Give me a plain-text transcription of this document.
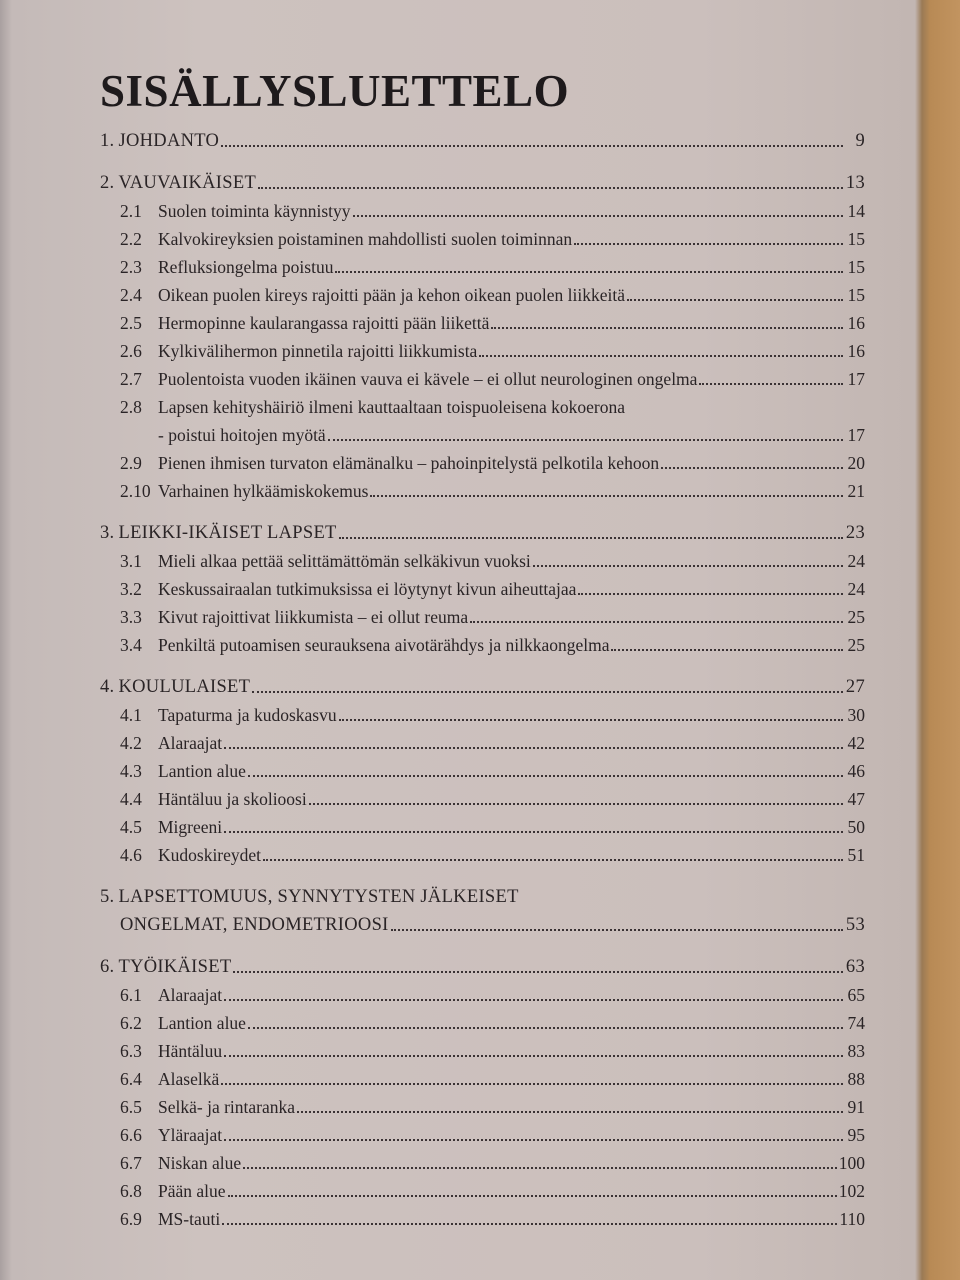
SISÄLLYSLUETTELO
1. JOHDANTO	9
2. VAUVAIKÄISET	13
2.1 Suolen toiminta käynnistyy	14
2.2 Kalvokireyksien poistaminen mahdollisti suolen toiminnan	15
2.3 Refluksiongelma poistuu	15
2.4 Oikean puolen kireys rajoitti pään ja kehon oikean puolen liikkeitä	15
2.5 Hermopinne kaularangassa rajoitti pään liikettä	16
2.6 Kylkivälihermon pinnetila rajoitti liikkumista	16
2.7 Puolentoista vuoden ikäinen vauva ei kävele – ei ollut neurologinen ongelma	17
2.8 Lapsen kehityshäiriö ilmeni kauttaaltaan toispuoleisena kokoerona
- poistui hoitojen myötä	17
2.9 Pienen ihmisen turvaton elämänalku – pahoinpitelystä pelkotila kehoon	20
2.10 Varhainen hylkäämiskokemus	21
3. LEIKKI-IKÄISET LAPSET	23
3.1 Mieli alkaa pettää selittämättömän selkäkivun vuoksi	24
3.2 Keskussairaalan tutkimuksissa ei löytynyt kivun aiheuttajaa	24
3.3 Kivut rajoittivat liikkumista – ei ollut reuma	25
3.4 Penkiltä putoamisen seurauksena aivotärähdys ja nilkkaongelma	25
4. KOULULAISET	27
4.1 Tapaturma ja kudoskasvu	30
4.2 Alaraajat	42
4.3 Lantion alue	46
4.4 Häntäluu ja skolioosi	47
4.5 Migreeni	50
4.6 Kudoskireydet	51
5. LAPSETTOMUUS, SYNNYTYSTEN JÄLKEISET
ONGELMAT, ENDOMETRIOOSI	53
6. TYÖIKÄISET	63
6.1 Alaraajat	65
6.2 Lantion alue	74
6.3 Häntäluu	83
6.4 Alaselkä	88
6.5 Selkä- ja rintaranka	91
6.6 Yläraajat	95
6.7 Niskan alue	100
6.8 Pään alue	102
6.9 MS-tauti	110
